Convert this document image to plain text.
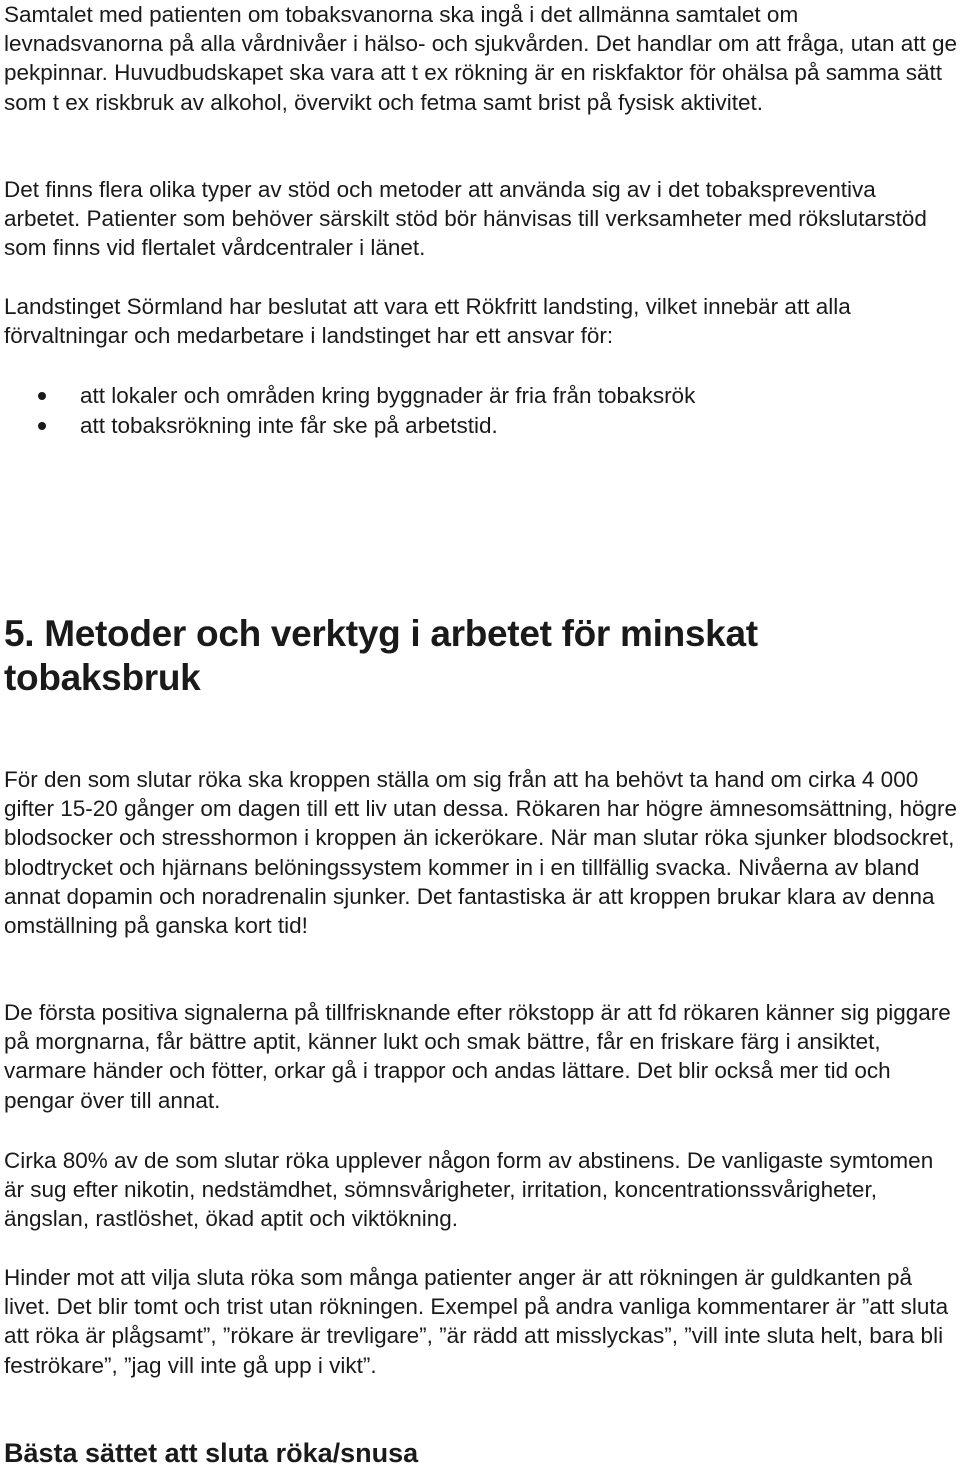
Samtalet med patienten om tobaksvanorna ska ingå i det allmänna samtalet om levnadsvanorna på alla vårdnivåer i hälso- och sjukvården. Det handlar om att fråga, utan att ge pekpinnar. Huvudbudskapet ska vara att t ex rökning är en riskfaktor för ohälsa på samma sätt som t ex riskbruk av alkohol, övervikt och fetma samt brist på fysisk aktivitet.

Det finns flera olika typer av stöd och metoder att använda sig av i det tobakspreventiva arbetet. Patienter som behöver särskilt stöd bör hänvisas till verksamheter med rökslutarstöd som finns vid flertalet vårdcentraler i länet.

Landstinget Sörmland har beslutat att vara ett Rökfritt landsting, vilket innebär att alla förvaltningar och medarbetare i landstinget har ett ansvar för:

att lokaler och områden kring byggnader är fria från tobaksrök
att tobaksrökning inte får ske på arbetstid.
5. Metoder och verktyg i arbetet för minskat tobaksbruk

För den som slutar röka ska kroppen ställa om sig från att ha behövt ta hand om cirka 4 000 gifter 15-20 gånger om dagen till ett liv utan dessa. Rökaren har högre ämnesomsättning, högre blodsocker och stresshormon i kroppen än ickerökare. När man slutar röka sjunker blodsockret, blodtrycket och hjärnans belöningssystem kommer in i en tillfällig svacka. Nivåerna av bland annat dopamin och noradrenalin sjunker. Det fantastiska är att kroppen brukar klara av denna omställning på ganska kort tid!

De första positiva signalerna på tillfrisknande efter rökstopp är att fd rökaren känner sig piggare på morgnarna, får bättre aptit, känner lukt och smak bättre, får en friskare färg i ansiktet, varmare händer och fötter, orkar gå i trappor och andas lättare. Det blir också mer tid och pengar över till annat.

Cirka 80% av de som slutar röka upplever någon form av abstinens. De vanligaste symtomen är sug efter nikotin, nedstämdhet, sömnsvårigheter, irritation, koncentrationssvårigheter, ängslan, rastlöshet, ökad aptit och viktökning.

Hinder mot att vilja sluta röka som många patienter anger är att rökningen är guldkanten på livet. Det blir tomt och trist utan rökningen. Exempel på andra vanliga kommentarer är ”att sluta att röka är plågsamt”, ”rökare är trevligare”, ”är rädd att misslyckas”, ”vill inte sluta helt, bara bli feströkare”, ”jag vill inte gå upp i vikt”.

Bästa sättet att sluta röka/snusa
